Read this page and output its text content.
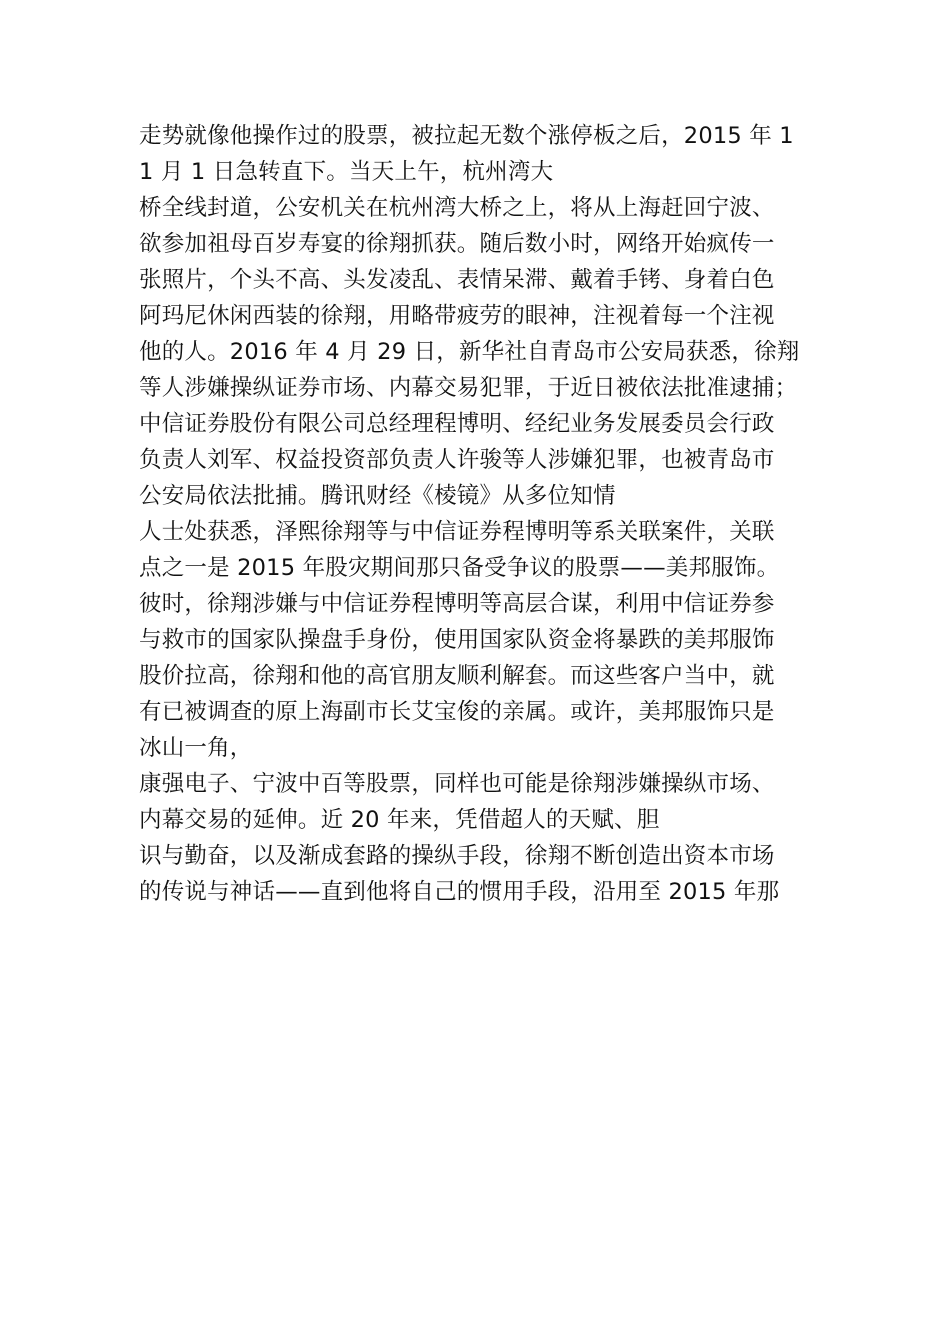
走势就像他操作过的股票，被拉起无数个涨停板之后，2015 年 1
1 月 1 日急转直下。当天上午，杭州湾大
桥全线封道，公安机关在杭州湾大桥之上，将从上海赶回宁波、
欲参加祖母百岁寿宴的徐翔抓获。随后数小时，网络开始疯传一
张照片，个头不高、头发凌乱、表情呆滞、戴着手铐、身着白色
阿玛尼休闲西装的徐翔，用略带疲劳的眼神，注视着每一个注视
他的人。2016 年 4 月 29 日，新华社自青岛市公安局获悉，徐翔
等人涉嫌操纵证券市场、内幕交易犯罪，于近日被依法批准逮捕；
中信证券股份有限公司总经理程博明、经纪业务发展委员会行政
负责人刘军、权益投资部负责人许骏等人涉嫌犯罪，也被青岛市
公安局依法批捕。腾讯财经《棱镜》从多位知情
人士处获悉，泽熙徐翔等与中信证券程博明等系关联案件，关联
点之一是 2015 年股灾期间那只备受争议的股票——美邦服饰。
彼时，徐翔涉嫌与中信证券程博明等高层合谋，利用中信证券参
与救市的国家队操盘手身份，使用国家队资金将暴跌的美邦服饰
股价拉高，徐翔和他的高官朋友顺利解套。而这些客户当中，就
有已被调查的原上海副市长艾宝俊的亲属。或许，美邦服饰只是
冰山一角，
康强电子、宁波中百等股票，同样也可能是徐翔涉嫌操纵市场、
内幕交易的延伸。近 20 年来，凭借超人的天赋、胆
识与勤奋，以及渐成套路的操纵手段，徐翔不断创造出资本市场
的传说与神话——直到他将自己的惯用手段，沿用至 2015 年那
